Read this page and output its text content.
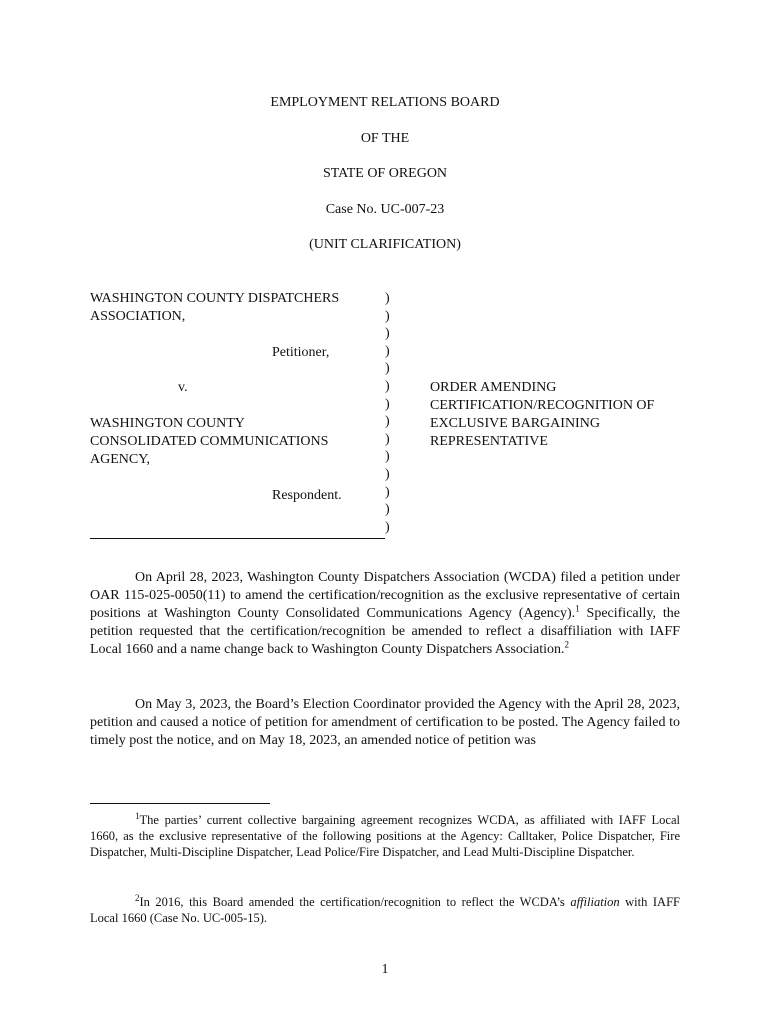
EMPLOYMENT RELATIONS BOARD
OF THE
STATE OF OREGON
Case No. UC-007-23
(UNIT CLARIFICATION)
WASHINGTON COUNTY DISPATCHERS
ASSOCIATION,
Petitioner,
v.
WASHINGTON COUNTY
CONSOLIDATED COMMUNICATIONS
AGENCY,
Respondent.
)
)
)
)
)
)
)
)
)
)
)
)
)
)
ORDER AMENDING
CERTIFICATION/RECOGNITION OF
EXCLUSIVE BARGAINING
REPRESENTATIVE
On April 28, 2023, Washington County Dispatchers Association (WCDA) filed a petition under OAR 115-025-0050(11) to amend the certification/recognition as the exclusive representative of certain positions at Washington County Consolidated Communications Agency (Agency).$^1$ Specifically, the petition requested that the certification/recognition be amended to reflect a disaffiliation with IAFF Local 1660 and a name change back to Washington County Dispatchers Association.$^2$
On May 3, 2023, the Board’s Election Coordinator provided the Agency with the April 28, 2023, petition and caused a notice of petition for amendment of certification to be posted. The Agency failed to timely post the notice, and on May 18, 2023, an amended notice of petition was
$^1$The parties’ current collective bargaining agreement recognizes WCDA, as affiliated with IAFF Local 1660, as the exclusive representative of the following positions at the Agency: Calltaker, Police Dispatcher, Fire Dispatcher, Multi-Discipline Dispatcher, Lead Police/Fire Dispatcher, and Lead Multi-Discipline Dispatcher.
$^2$In 2016, this Board amended the certification/recognition to reflect the WCDA’s affiliation with IAFF Local 1660 (Case No. UC-005-15).
1
